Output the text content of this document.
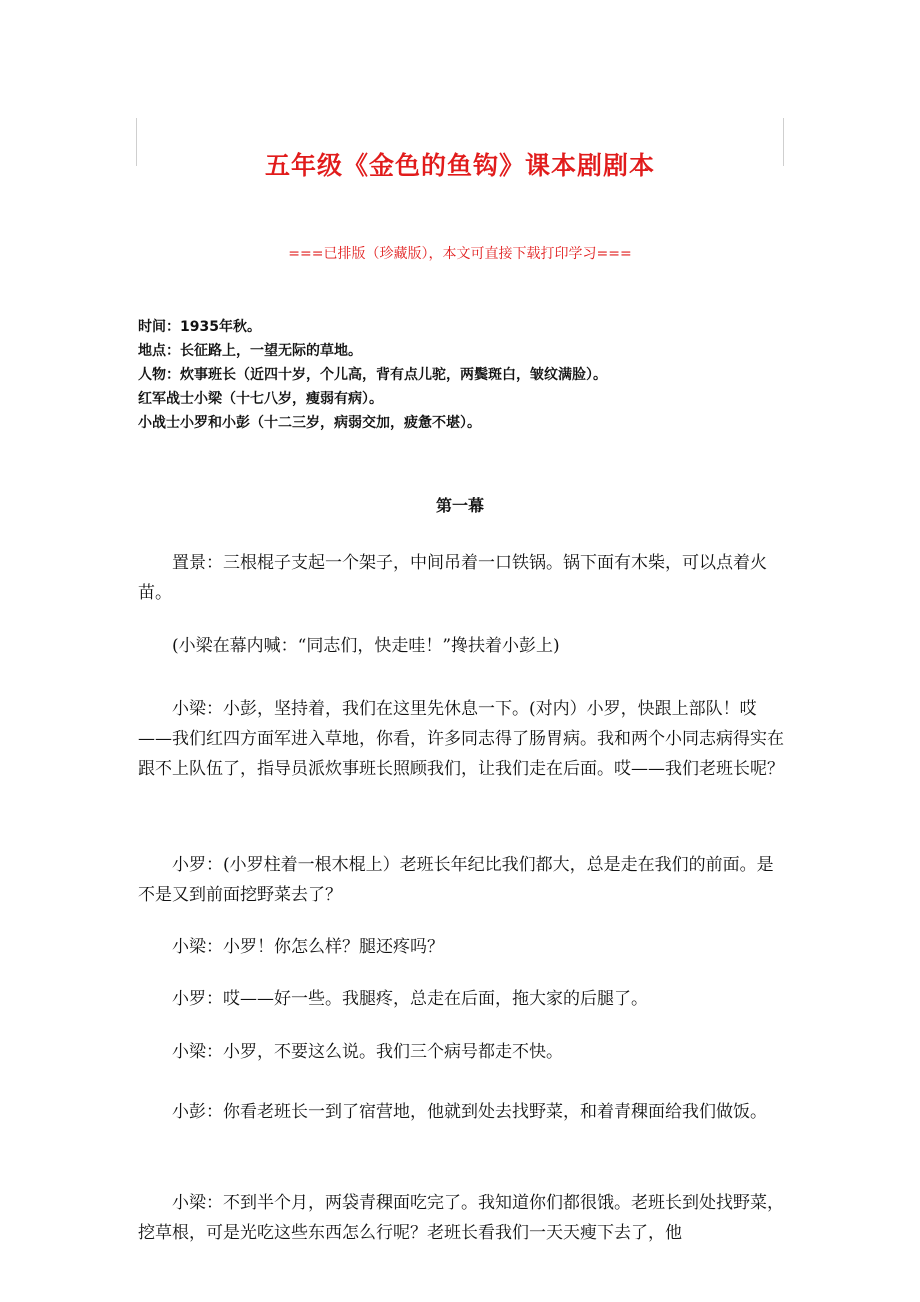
五年级《金色的鱼钩》课本剧剧本
===已排版（珍藏版），本文可直接下载打印学习===
时间：1935年秋。
地点：长征路上，一望无际的草地。
人物：炊事班长（近四十岁，个儿高，背有点儿驼，两鬓斑白，皱纹满脸）。
红军战士小梁（十七八岁，瘦弱有病）。
小战士小罗和小彭（十二三岁，病弱交加，疲惫不堪）。
第一幕

置景：三根棍子支起一个架子，中间吊着一口铁锅。锅下面有木柴，可以点着火苗。

(小梁在幕内喊：“同志们，快走哇！”搀扶着小彭上)

小梁：小彭，坚持着，我们在这里先休息一下。(对内）小罗，快跟上部队！哎——我们红四方面军进入草地，你看，许多同志得了肠胃病。我和两个小同志病得实在跟不上队伍了，指导员派炊事班长照顾我们，让我们走在后面。哎——我们老班长呢？

小罗：(小罗柱着一根木棍上）老班长年纪比我们都大，总是走在我们的前面。是不是又到前面挖野菜去了？

小梁：小罗！你怎么样？腿还疼吗？

小罗：哎——好一些。我腿疼，总走在后面，拖大家的后腿了。

小梁：小罗，不要这么说。我们三个病号都走不快。

小彭：你看老班长一到了宿营地，他就到处去找野菜，和着青稞面给我们做饭。

小梁：不到半个月，两袋青稞面吃完了。我知道你们都很饿。老班长到处找野菜，挖草根，可是光吃这些东西怎么行呢？老班长看我们一天天瘦下去了，他
